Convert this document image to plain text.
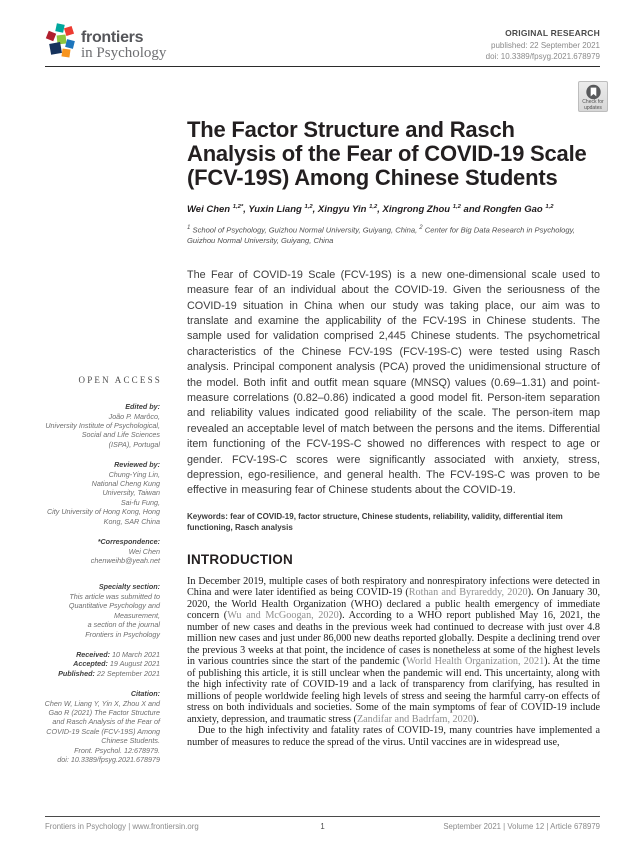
frontiers
in Psychology
ORIGINAL RESEARCH
published: 22 September 2021
doi: 10.3389/fpsyg.2021.678979
Check for
updates
OPEN ACCESS
Edited by:
João P. Marôco,
University Institute of Psychological,
Social and Life Sciences
(ISPA), Portugal
Reviewed by:
Chung-Ying Lin,
National Cheng Kung
University, Taiwan
Sai-fu Fung,
City University of Hong Kong, Hong
Kong, SAR China
*Correspondence:
Wei Chen
chenweihb@yeah.net
Specialty section:
This article was submitted to
Quantitative Psychology and
Measurement,
a section of the journal
Frontiers in Psychology
Received: 10 March 2021
Accepted: 19 August 2021
Published: 22 September 2021
Citation:
Chen W, Liang Y, Yin X, Zhou X and
Gao R (2021) The Factor Structure
and Rasch Analysis of the Fear of
COVID-19 Scale (FCV-19S) Among
Chinese Students.
Front. Psychol. 12:678979.
doi: 10.3389/fpsyg.2021.678979
The Factor Structure and Rasch Analysis of the Fear of COVID-19 Scale (FCV-19S) Among Chinese Students
Wei Chen $^{1,2*}$, Yuxin Liang $^{1,2}$, Xingyu Yin $^{1,2}$, Xingrong Zhou $^{1,2}$ and Rongfen Gao $^{1,2}$
$^1$ School of Psychology, Guizhou Normal University, Guiyang, China, $^2$ Center for Big Data Research in Psychology, Guizhou Normal University, Guiyang, China
The Fear of COVID-19 Scale (FCV-19S) is a new one-dimensional scale used to measure fear of an individual about the COVID-19. Given the seriousness of the COVID-19 situation in China when our study was taking place, our aim was to translate and examine the applicability of the FCV-19S in Chinese students. The sample used for validation comprised 2,445 Chinese students. The psychometrical characteristics of the Chinese FCV-19S (FCV-19S-C) were tested using Rasch analysis. Principal component analysis (PCA) proved the unidimensional structure of the model. Both infit and outfit mean square (MNSQ) values (0.69–1.31) and point-measure correlations (0.82–0.86) indicated a good model fit. Person-item separation and reliability values indicated good reliability of the scale. The person-item map revealed an acceptable level of match between the persons and the items. Differential item functioning of the FCV-19S-C showed no differences with respect to age or gender. FCV-19S-C scores were significantly associated with anxiety, stress, depression, ego-resilience, and general health. The FCV-19S-C was proven to be effective in measuring fear of Chinese students about the COVID-19.
Keywords: fear of COVID-19, factor structure, Chinese students, reliability, validity, differential item functioning, Rasch analysis
INTRODUCTION
In December 2019, multiple cases of both respiratory and nonrespiratory infections were detected in China and were later identified as being COVID-19 (Rothan and Byrareddy, 2020). On January 30, 2020, the World Health Organization (WHO) declared a public health emergency of immediate concern (Wu and McGoogan, 2020). According to a WHO report published May 16, 2021, the number of new cases and deaths in the previous week had continued to decrease with just over 4.8 million new cases and just under 86,000 new deaths reported globally. Despite a declining trend over the previous 3 weeks at that point, the incidence of cases is nonetheless at some of the highest levels in various countries since the start of the pandemic (World Health Organization, 2021). At the time of publishing this article, it is still unclear when the pandemic will end. This uncertainty, along with the high infectivity rate of COVID-19 and a lack of transparency from clarifying, has resulted in millions of people worldwide feeling high levels of stress and seeing the harmful carry-on effects of stress on both individuals and societies. Some of the main symptoms of fear of COVID-19 include anxiety, depression, and traumatic stress (Zandifar and Badrfam, 2020).
Due to the high infectivity and fatality rates of COVID-19, many countries have implemented a number of measures to reduce the spread of the virus. Until vaccines are in widespread use,
Frontiers in Psychology | www.frontiersin.org	1	September 2021 | Volume 12 | Article 678979
